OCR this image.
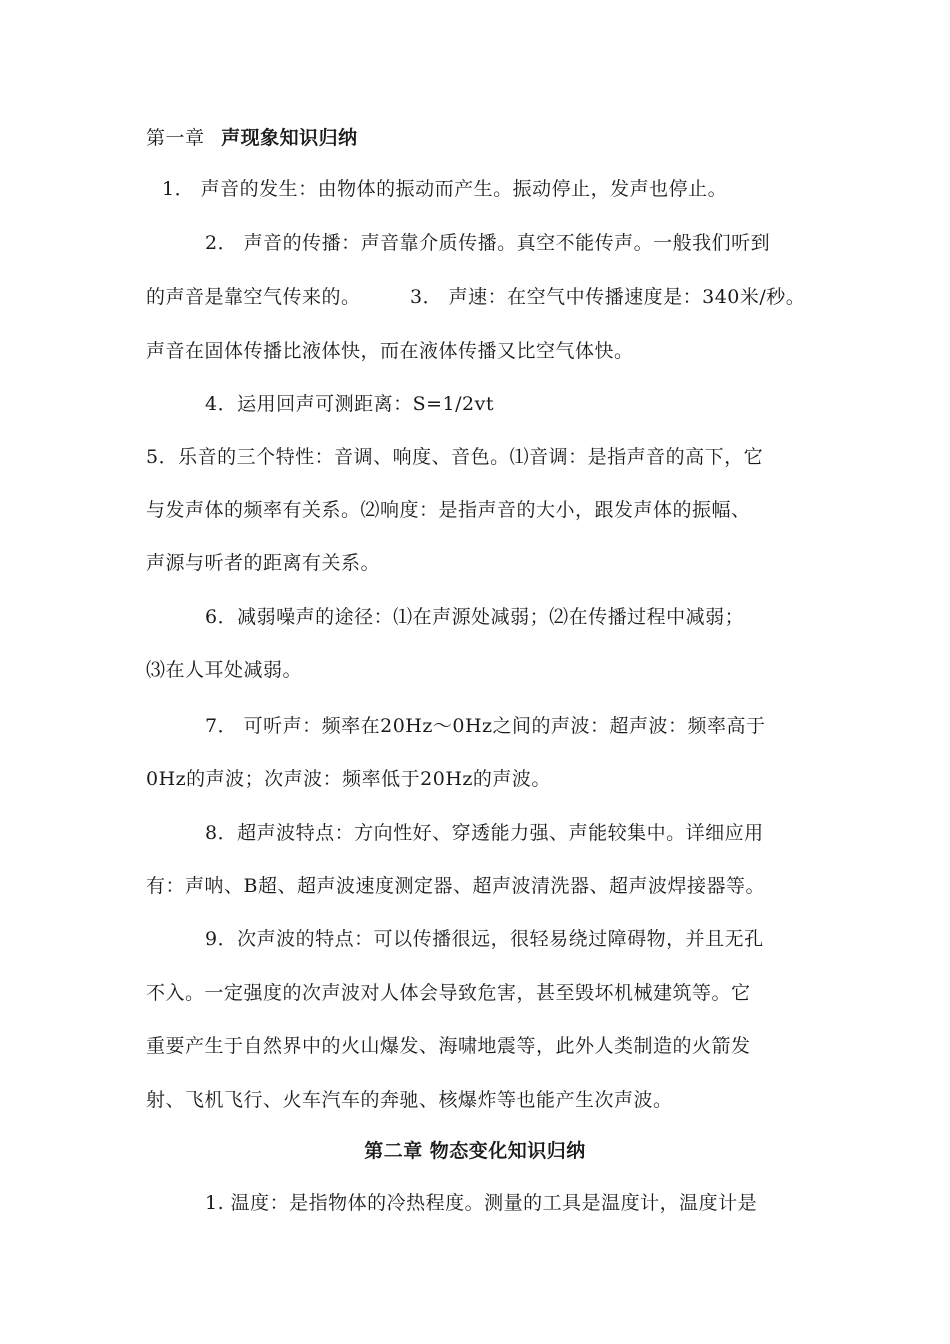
第一章 声现象知识归纳
1． 声音的发生：由物体的振动而产生。振动停止，发声也停止。
2． 声音的传播：声音靠介质传播。真空不能传声。一般我们听到
的声音是靠空气传来的。	3． 声速：在空气中传播速度是：340米/秒。
声音在固体传播比液体快，而在液体传播又比空气体快。
4．运用回声可测距离：S=1/2vt
5．乐音的三个特性：音调、响度、音色。⑴音调：是指声音的高下，它
与发声体的频率有关系。⑵响度：是指声音的大小，跟发声体的振幅、
声源与听者的距离有关系。
6．减弱噪声的途径：⑴在声源处减弱；⑵在传播过程中减弱；
⑶在人耳处减弱。
7． 可听声：频率在20Hz～0Hz之间的声波：超声波：频率高于
0Hz的声波；次声波：频率低于20Hz的声波。
8．超声波特点：方向性好、穿透能力强、声能较集中。详细应用
有：声呐、B超、超声波速度测定器、超声波清洗器、超声波焊接器等。
9．次声波的特点：可以传播很远，很轻易绕过障碍物，并且无孔
不入。一定强度的次声波对人体会导致危害，甚至毁坏机械建筑等。它
重要产生于自然界中的火山爆发、海啸地震等，此外人类制造的火箭发
射、飞机飞行、火车汽车的奔驰、核爆炸等也能产生次声波。
第二章 物态变化知识归纳
1. 温度：是指物体的冷热程度。测量的工具是温度计，温度计是
